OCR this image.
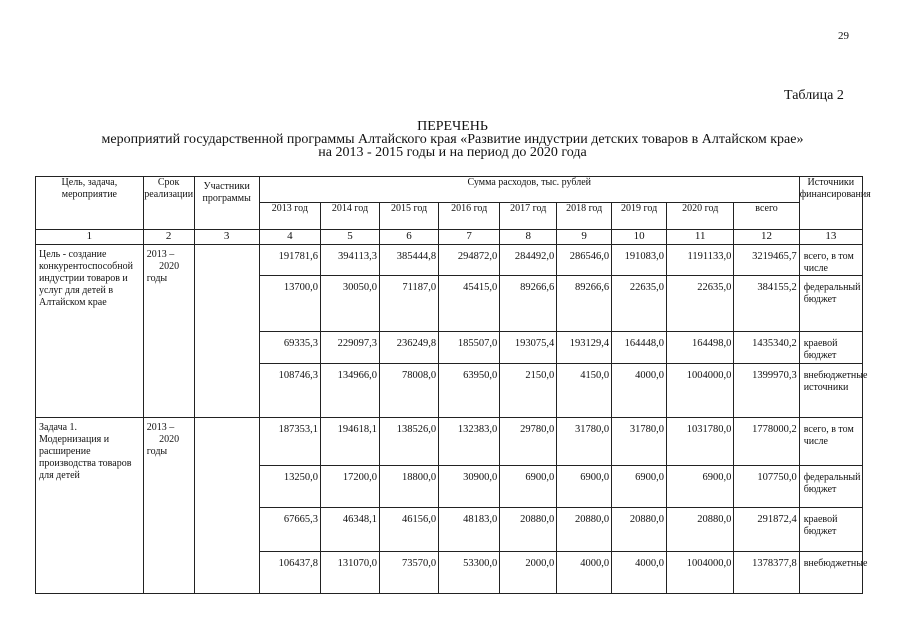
29
Таблица 2
ПЕРЕЧЕНЬ
мероприятий государственной программы Алтайского края «Развитие индустрии детских товаров в Алтайском крае»
на 2013 - 2015 годы и на период до 2020 года
Цель, задача, мероприятие	Срок реализации	Участники программы	Сумма расходов, тыс. рублей									Источники финансирования
			2013 год	2014 год	2015 год	2016 год	2017 год	2018 год	2019 год	2020 год	всего	
1	2	3	4	5	6	7	8	9	10	11	12	13
Цель - создание конкурентоспособной индустрии товаров и услуг для детей в Алтайском крае	2013 –
2020
годы		191781,6	394113,3	385444,8	294872,0	284492,0	286546,0	191083,0	1191133,0	3219465,7	всего, в том числе
			13700,0	30050,0	71187,0	45415,0	89266,6	89266,6	22635,0	22635,0	384155,2	федеральный бюджет
			69335,3	229097,3	236249,8	185507,0	193075,4	193129,4	164448,0	164498,0	1435340,2	краевой бюджет
			108746,3	134966,0	78008,0	63950,0	2150,0	4150,0	4000,0	1004000,0	1399970,3	внебюджетные источники
Задача 1. Модернизация и расширение производства товаров для детей	2013 –
2020
годы		187353,1	194618,1	138526,0	132383,0	29780,0	31780,0	31780,0	1031780,0	1778000,2	всего, в том числе
			13250,0	17200,0	18800,0	30900,0	6900,0	6900,0	6900,0	6900,0	107750,0	федеральный бюджет
			67665,3	46348,1	46156,0	48183,0	20880,0	20880,0	20880,0	20880,0	291872,4	краевой бюджет
			106437,8	131070,0	73570,0	53300,0	2000,0	4000,0	4000,0	1004000,0	1378377,8	внебюджетные
